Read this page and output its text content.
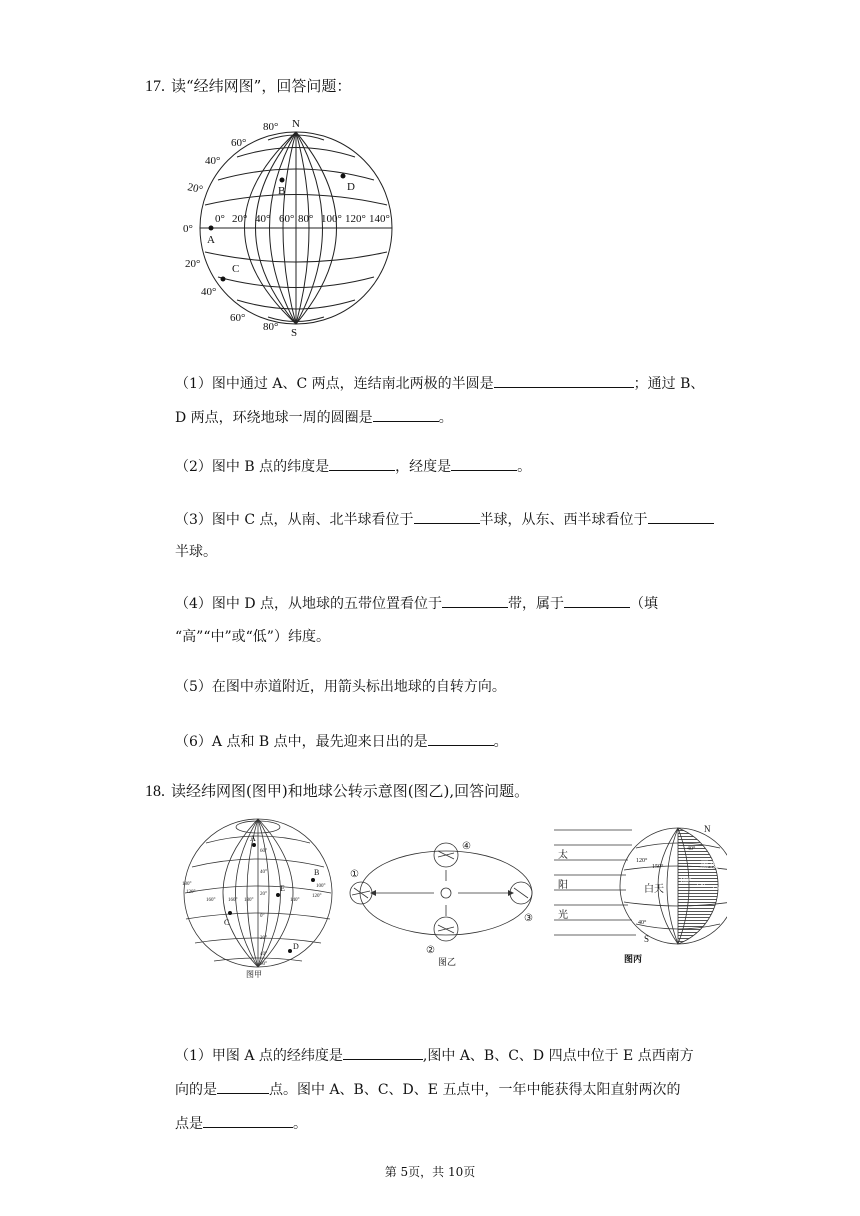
17. 读“经纬网图”，回答问题：
N
S
80°
60°
40°
20°
0°
20°
40°
60°
80°
0° 20° 40° 60° 80° 100° 120° 140°
A
B
C
D
（1）图中通过 A、C 两点，连结南北两极的半圆是	；通过 B、
D 两点，环绕地球一周的圆圈是	。
（2）图中 B 点的纬度是	，经度是	。
（3）图中 C 点，从南、北半球看位于	半球，从东、西半球看位于
半球。
（4）图中 D 点，从地球的五带位置看位于	带，属于	（填
“高”“中”或“低”）纬度。
（5）在图中赤道附近，用箭头标出地球的自转方向。
（6）A 点和 B 点中，最先迎来日出的是	。
18. 读经纬网图(图甲)和地球公转示意图(图乙),回答问题。
A
B
C
D
E
60°
40°
20°
0°
20°
40°
60°
180°
160°	140°
120°
100°
180°
120°
160°
图甲
①
②
③
④
图乙
太
阳
光
白天
黑夜
N
S
40°
120°
150°
40°
150°
150°
120°
图丙
（1）甲图 A 点的经纬度是	,图中 A、B、C、D 四点中位于 E 点西南方
向的是	点。图中 A、B、C、D、E 五点中，一年中能获得太阳直射两次的
点是	。
第 5页，共 10页
